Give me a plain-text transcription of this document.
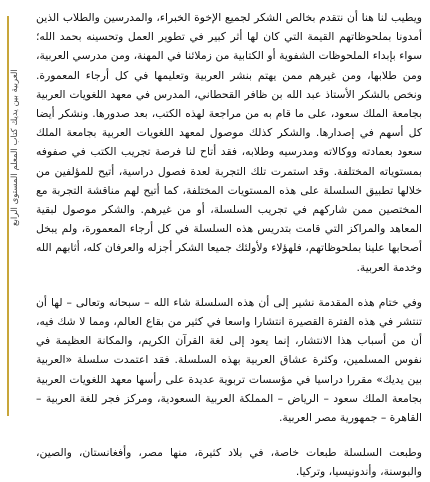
العربية بين يديك كتاب المعلم المستوى الرابع

ويطيب لنا هنا أن نتقدم بخالص الشكر لجميع الإخوة الخبراء، والمدرسين والطلاب الذين أمدونا بملحوظاتهم القيمة التي كان لها أثر كبير في تطوير العمل وتحسينه بحمد الله؛ سواء بإبداء الملحوظات الشفوية أو الكتابية من زملائنا في المهنة، ومن مدرسي العربية، ومن طلابها، ومن غيرهم ممن يهتم بنشر العربية وتعليمها في كل أرجاء المعمورة. ونخص بالشكر الأستاذ عبد الله بن ظافر القحطاني، المدرس في معهد اللغويات العربية بجامعة الملك سعود، على ما قام به من مراجعة لهذه الكتب، بعد صدورها. ونشكر أيضا كل أسهم في إصدارها. والشكر كذلك موصول لمعهد اللغويات العربية بجامعة الملك سعود بعمادته ووكالاته ومدرسيه وطلابه، فقد أتاح لنا فرصة تجريب الكتب في صفوفه بمستوياته المختلفة. وقد استمرت تلك التجربة لعدة فصول دراسية، أتيح للمؤلفين من خلالها تطبيق السلسلة على هذه المستويات المختلفة، كما أتيح لهم مناقشة التجربة مع المختصين ممن شاركهم في تجريب السلسلة، أو من غيرهم. والشكر موصول لبقية المعاهد والمراكز التي قامت بتدريس هذه السلسلة في كل أرجاء المعمورة، ولم يبخل أصحابها علينا بملحوظاتهم، فلهؤلاء ولأولئك جميعا الشكر أجزله والعرفان كله، أثابهم الله وخدمة العربية.

وفي ختام هذه المقدمة نشير إلى أن هذه السلسلة شاء الله – سبحانه وتعالى – لها أن تنتشر في هذه الفترة القصيرة انتشارا واسعا في كثير من بقاع العالم، ومما لا شك فيه، أن من أسباب هذا الانتشار، إنما يعود إلى لغة القرآن الكريم، والمكانة العظيمة في نفوس المسلمين، وكثرة عشاق العربية بهذه السلسلة. فقد اعتمدت سلسلة «العربية بين يديك» مقررا دراسيا في مؤسسات تربوية عديدة على رأسها معهد اللغويات العربية بجامعة الملك سعود – الرياض – المملكة العربية السعودية، ومركز فجر للغة العربية – القاهرة – جمهورية مصر العربية.

وطبعت السلسلة طبعات خاصة، في بلاد كثيرة، منها مصر، وأفغانستان، والصين، والبوسنة، وأندونيسيا، وتركيا.
